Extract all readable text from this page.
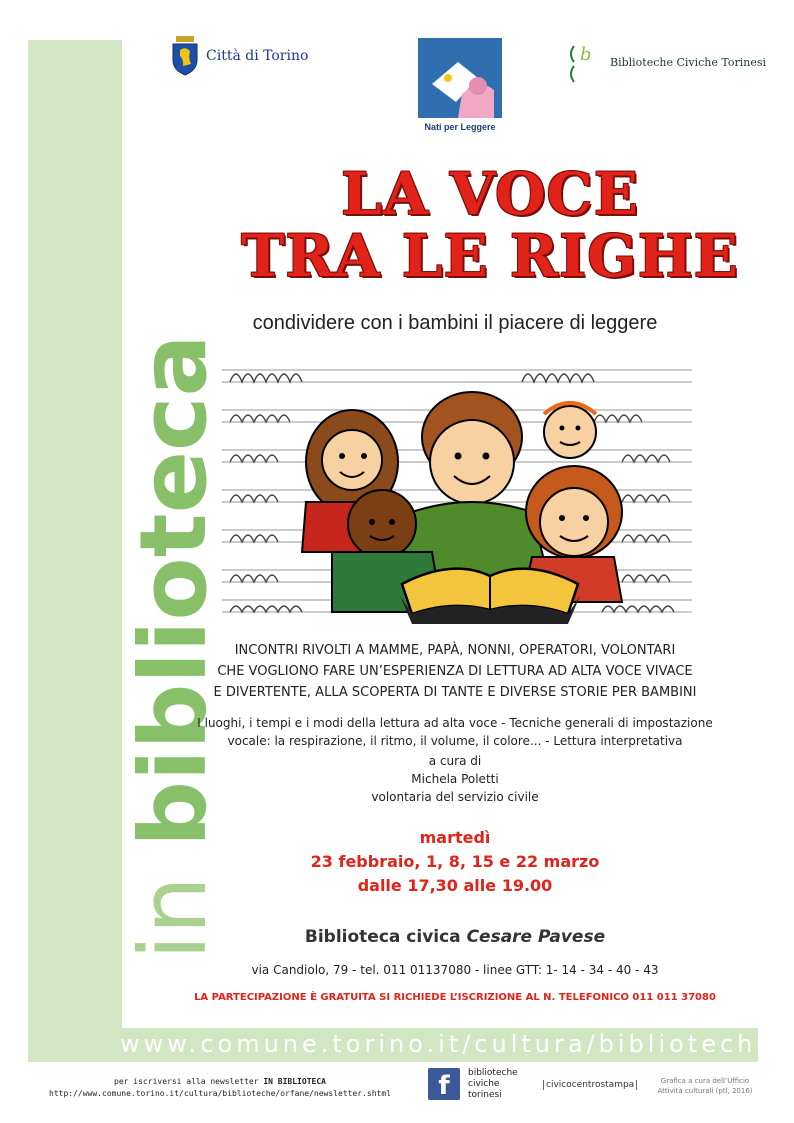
www.comune.torino.it/cultura/biblioteche
in biblioteca
Città di Torino
Nati per Leggere
b Biblioteche Civiche Torinesi
LA VOCE
TRA LE RIGHE
condividere con i bambini il piacere di leggere
INCONTRI RIVOLTI A MAMME, PAPÀ, NONNI, OPERATORI, VOLONTARI
CHE VOGLIONO FARE UN’ESPERIENZA DI LETTURA AD ALTA VOCE VIVACE
E DIVERTENTE, ALLA SCOPERTA DI TANTE E DIVERSE STORIE PER BAMBINI
I luoghi, i tempi e i modi della lettura ad alta voce - Tecniche generali di impostazione
vocale: la respirazione, il ritmo, il volume, il colore... - Lettura interpretativa
a cura di
Michela Poletti
volontaria del servizio civile
martedì
23 febbraio, 1, 8, 15 e 22 marzo
dalle 17,30 alle 19.00
Biblioteca civica Cesare Pavese
via Candiolo, 79 - tel. 011 01137080 - linee GTT: 1- 14 - 34 - 40 - 43
LA PARTECIPAZIONE È GRATUITA SI RICHIEDE L’ISCRIZIONE AL N. TELEFONICO 011 011 37080
per iscriversi alla newsletter IN BIBLIOTECA
http://www.comune.torino.it/cultura/biblioteche/orfane/newsletter.shtml	f	biblioteche
civiche
torinesi
civicocentrostampa	Grafica a cura dell’Ufficio
Attività culturali (ptl, 2016)
